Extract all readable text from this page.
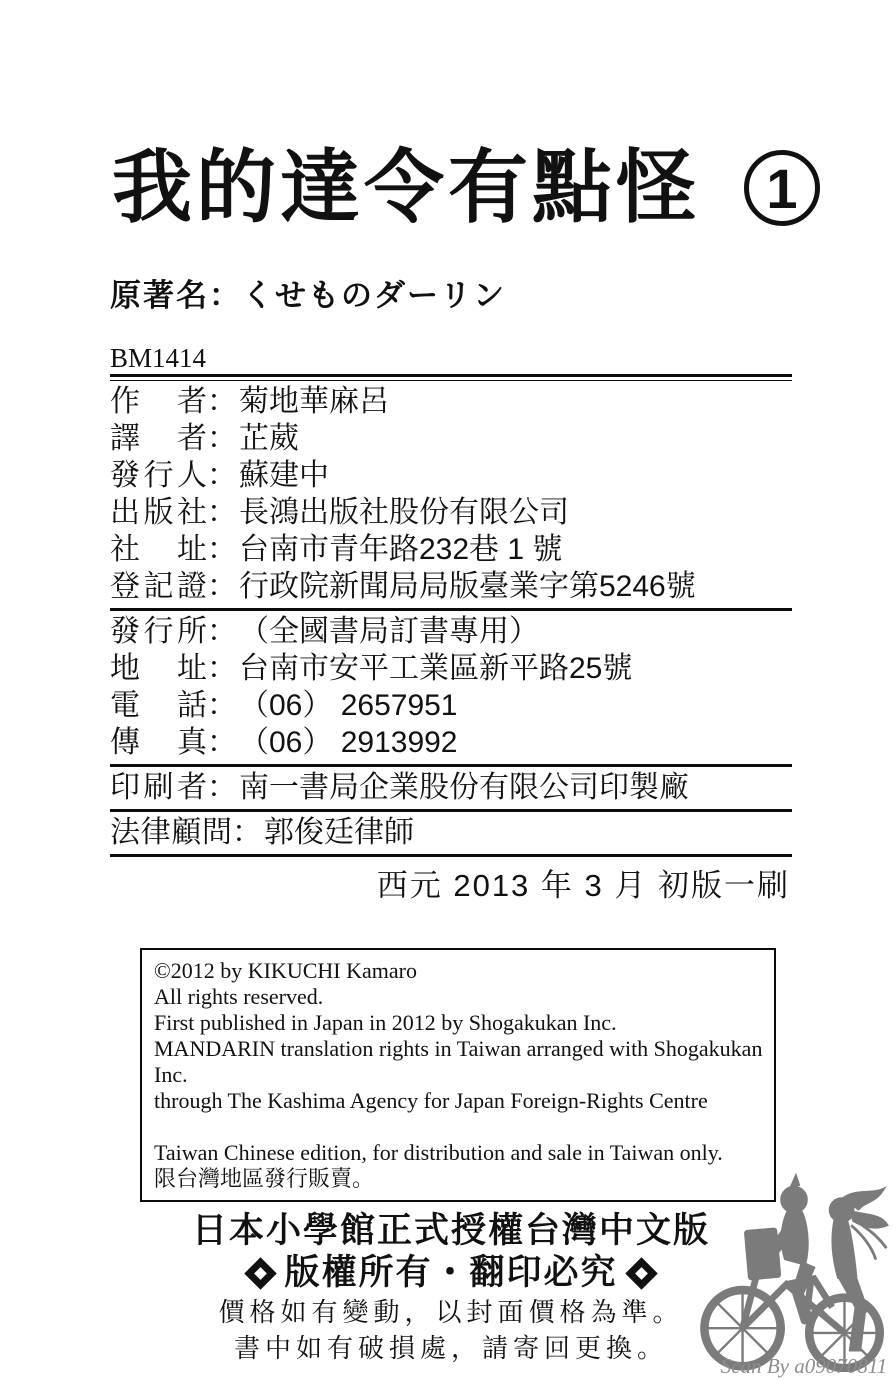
我的達令有點怪 1
原著名：くせものダーリン
BM1414
作者：菊地華麻呂
譯者：芷葳
發行人：蘇建中
出版社：長鴻出版社股份有限公司
社址：台南市青年路232巷 1 號
登記證：行政院新聞局局版臺業字第5246號
發行所：（全國書局訂書專用）
地址：台南市安平工業區新平路25號
電話：（06） 2657951
傳真：（06） 2913992
印刷者：南一書局企業股份有限公司印製廠
法律顧問：郭俊廷律師
西元 2013 年 3 月 初版一刷
©2012 by KIKUCHI Kamaro
All rights reserved.
First published in Japan in 2012 by Shogakukan Inc.
MANDARIN translation rights in Taiwan arranged with Shogakukan Inc.
through The Kashima Agency for Japan Foreign-Rights Centre
Taiwan Chinese edition, for distribution and sale in Taiwan only.
限台灣地區發行販賣。
日本小學館正式授權台灣中文版
版權所有・翻印必究
價格如有變動，以封面價格為準。
書中如有破損處，請寄回更換。
Scan By a09070811
